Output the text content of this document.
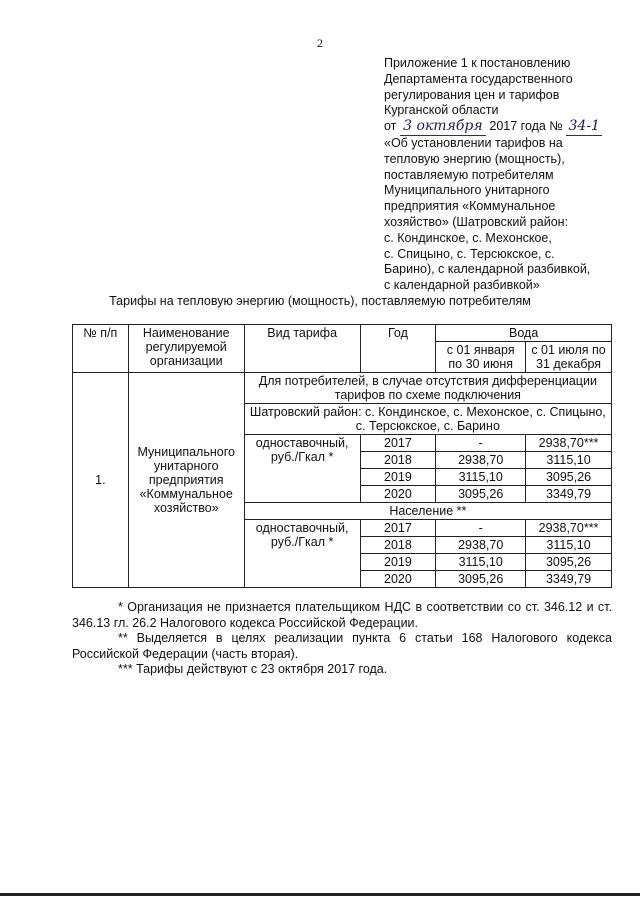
2
Приложение 1 к постановлению
Департамента государственного
регулирования цен и тарифов
Курганской области
от 3 октября 2017 года № 34-1
«Об установлении тарифов на
тепловую энергию (мощность),
поставляемую потребителям
Муниципального унитарного
предприятия «Коммунальное
хозяйство» (Шатровский район:
с. Кондинское, с. Мехонское,
с. Спицыно, с. Терсюкское, с.
Барино), с календарной разбивкой,
с календарной разбивкой»
Тарифы на тепловую энергию (мощность), поставляемую потребителям
№ п/п	Наименование регулируемой организации	Вид тарифа	Год	Вода	
				с 01 января по 30 июня	с 01 июля по 31 декабря
1.	Муниципального унитарного предприятия «Коммунальное хозяйство»	Для потребителей, в случае отсутствия дифференциации тарифов по схеме подключения			
		Шатровский район: с. Кондинское, с. Мехонское, с. Спицыно, с. Терсюкское, с. Барино			
		одноставочный, руб./Гкал *	2017	-	2938,70***
			2018	2938,70	3115,10
			2019	3115,10	3095,26
			2020	3095,26	3349,79
		Население **			
		одноставочный, руб./Гкал *	2017	-	2938,70***
			2018	2938,70	3115,10
			2019	3115,10	3095,26
			2020	3095,26	3349,79

* Организация не признается плательщиком НДС в соответствии со ст. 346.12 и ст. 346.13 гл. 26.2 Налогового кодекса Российской Федерации.

** Выделяется в целях реализации пункта 6 статьи 168 Налогового кодекса Российской Федерации (часть вторая).

*** Тарифы действуют с 23 октября 2017 года.
